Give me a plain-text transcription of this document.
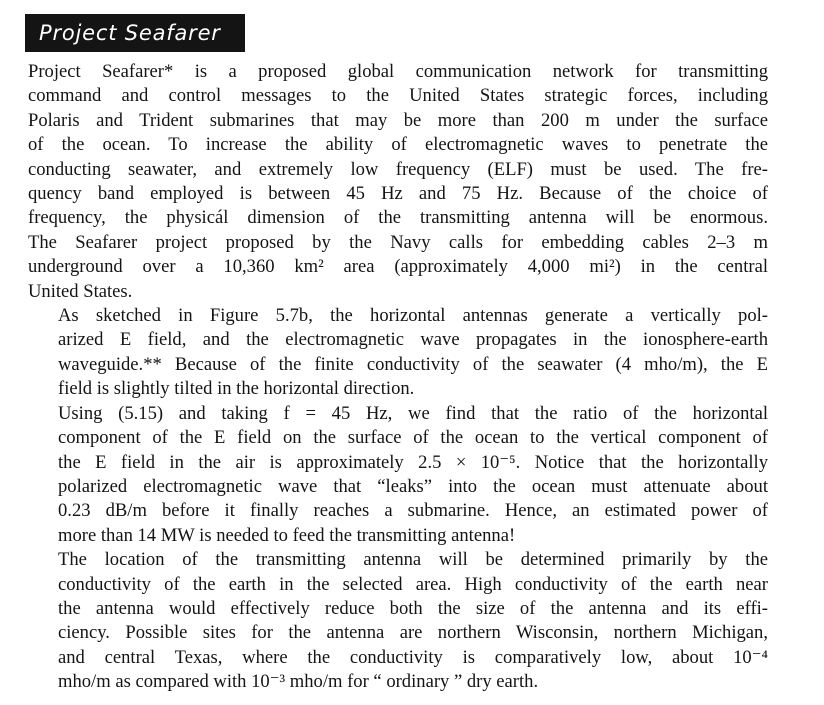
Project Seafarer

Project Seafarer* is a proposed global communication network for transmitting
command and control messages to the United States strategic forces, including
Polaris and Trident submarines that may be more than 200 m under the surface
of the ocean. To increase the ability of electromagnetic waves to penetrate the
conducting seawater, and extremely low frequency (ELF) must be used. The fre-
quency band employed is between 45 Hz and 75 Hz. Because of the choice of
frequency, the physicál dimension of the transmitting antenna will be enormous.
The Seafarer project proposed by the Navy calls for embedding cables 2–3 m
underground over a 10,360 km² area (approximately 4,000 mi²) in the central
United States.

As sketched in Figure 5.7b, the horizontal antennas generate a vertically pol-
arized E field, and the electromagnetic wave propagates in the ionosphere-earth
waveguide.** Because of the finite conductivity of the seawater (4 mho/m), the E
field is slightly tilted in the horizontal direction.

Using (5.15) and taking f = 45 Hz, we find that the ratio of the horizontal
component of the E field on the surface of the ocean to the vertical component of
the E field in the air is approximately 2.5 × 10⁻⁵. Notice that the horizontally
polarized electromagnetic wave that “leaks” into the ocean must attenuate about
0.23 dB/m before it finally reaches a submarine. Hence, an estimated power of
more than 14 MW is needed to feed the transmitting antenna!

The location of the transmitting antenna will be determined primarily by the
conductivity of the earth in the selected area. High conductivity of the earth near
the antenna would effectively reduce both the size of the antenna and its effi-
ciency. Possible sites for the antenna are northern Wisconsin, northern Michigan,
and central Texas, where the conductivity is comparatively low, about 10⁻⁴
mho/m as compared with 10⁻³ mho/m for “ ordinary ” dry earth.
